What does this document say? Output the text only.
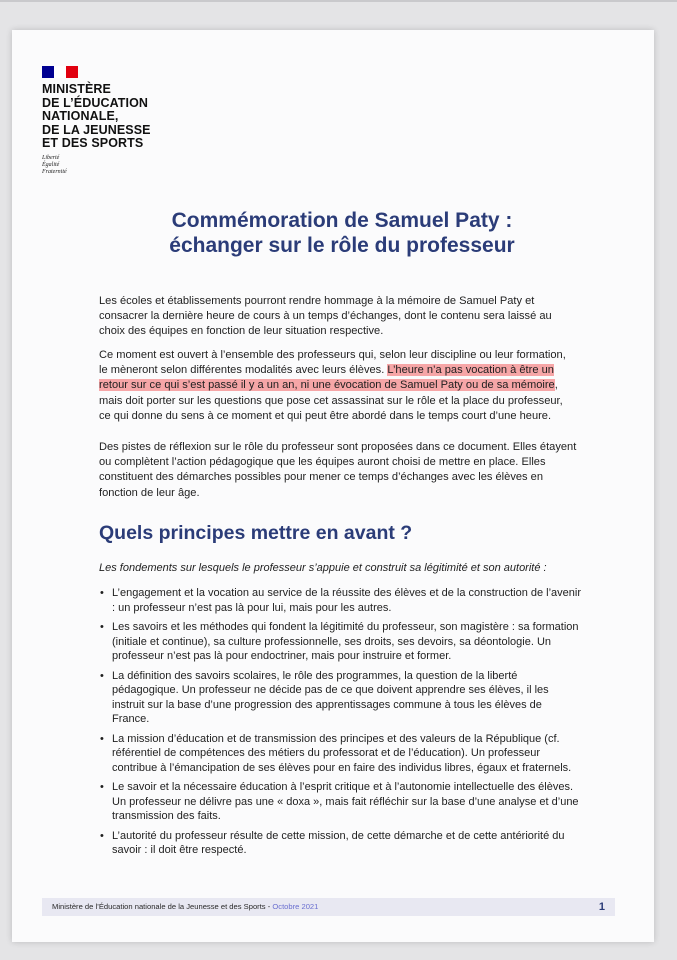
MINISTÈRE
DE L’ÉDUCATION
NATIONALE,
DE LA JEUNESSE
ET DES SPORTS
Liberté
Égalité
Fraternité
Commémoration de Samuel Paty :
échanger sur le rôle du professeur

Les écoles et établissements pourront rendre hommage à la mémoire de Samuel Paty et consacrer la dernière heure de cours à un temps d’échanges, dont le contenu sera laissé au choix des équipes en fonction de leur situation respective.

Ce moment est ouvert à l’ensemble des professeurs qui, selon leur discipline ou leur formation, le mèneront selon différentes modalités avec leurs élèves. L’heure n’a pas vocation à être un retour sur ce qui s’est passé il y a un an, ni une évocation de Samuel Paty ou de sa mémoire, mais doit porter sur les questions que pose cet assassinat sur le rôle et la place du professeur, ce qui donne du sens à ce moment et qui peut être abordé dans le temps court d’une heure.

Des pistes de réflexion sur le rôle du professeur sont proposées dans ce document. Elles étayent ou complètent l’action pédagogique que les équipes auront choisi de mettre en place. Elles constituent des démarches possibles pour mener ce temps d’échanges avec les élèves en fonction de leur âge.

Quels principes mettre en avant ?
Les fondements sur lesquels le professeur s’appuie et construit sa légitimité et son autorité :
• L’engagement et la vocation au service de la réussite des élèves et de la construction de l’avenir : un professeur n’est pas là pour lui, mais pour les autres.
• Les savoirs et les méthodes qui fondent la légitimité du professeur, son magistère : sa formation (initiale et continue), sa culture professionnelle, ses droits, ses devoirs, sa déontologie. Un professeur n’est pas là pour endoctriner, mais pour instruire et former.
• La définition des savoirs scolaires, le rôle des programmes, la question de la liberté pédagogique. Un professeur ne décide pas de ce que doivent apprendre ses élèves, il les instruit sur la base d’une progression des apprentissages commune à tous les élèves de France.
• La mission d’éducation et de transmission des principes et des valeurs de la République (cf. référentiel de compétences des métiers du professorat et de l’éducation). Un professeur contribue à l’émancipation de ses élèves pour en faire des individus libres, égaux et fraternels.
• Le savoir et la nécessaire éducation à l’esprit critique et à l’autonomie intellectuelle des élèves. Un professeur ne délivre pas une « doxa », mais fait réfléchir sur la base d’une analyse et d’une transmission des faits.
• L’autorité du professeur résulte de cette mission, de cette démarche et de cette antériorité du savoir : il doit être respecté.
Ministère de l’Éducation nationale de la Jeunesse et des Sports - Octobre 2021	1
